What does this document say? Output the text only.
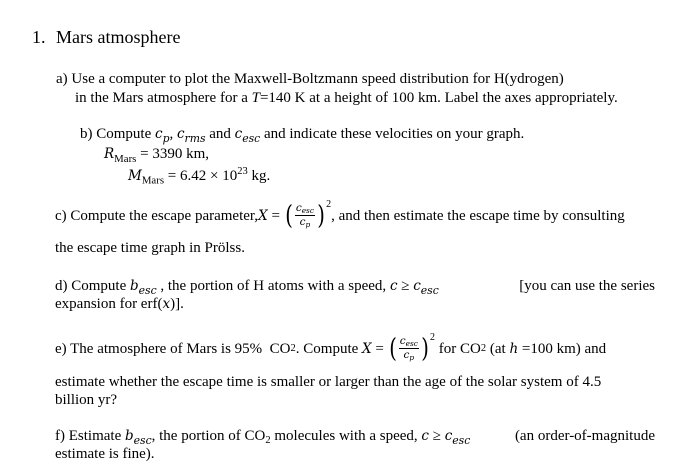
1. Mars atmosphere
a) Use a computer to plot the Maxwell-Boltzmann speed distribution for H(ydrogen)
in the Mars atmosphere for a T=140 K at a height of 100 km. Label the axes appropriately.
b) Compute $c_p$, $c_{rms}$ and $c_{esc}$ and indicate these velocities on your graph.
$R_{Mars} = 3390$ km,
$M_{Mars} = 6.42 \times 10^{23}$ kg.
c) Compute the escape parameter, X = ( $c_{esc}$
$c_p$ ) 2
, and then estimate the escape time by consulting
the escape time graph in Prölss.
d) Compute $b_{esc}$ , the portion of H atoms with a speed, $c \ge c_{esc}$	[you can use the series
expansion for erf(x)].
e) The atmosphere of Mars is 95%  CO 2 . Compute X = ( $c_{esc}$
$c_p$ ) 2
for CO 2 (at h =100 km) and
estimate whether the escape time is smaller or larger than the age of the solar system of 4.5
billion yr?
f) Estimate $b_{esc}$, the portion of $CO_2$ molecules with a speed, $c \ge c_{esc}$	(an order-of-magnitude
estimate is fine).
